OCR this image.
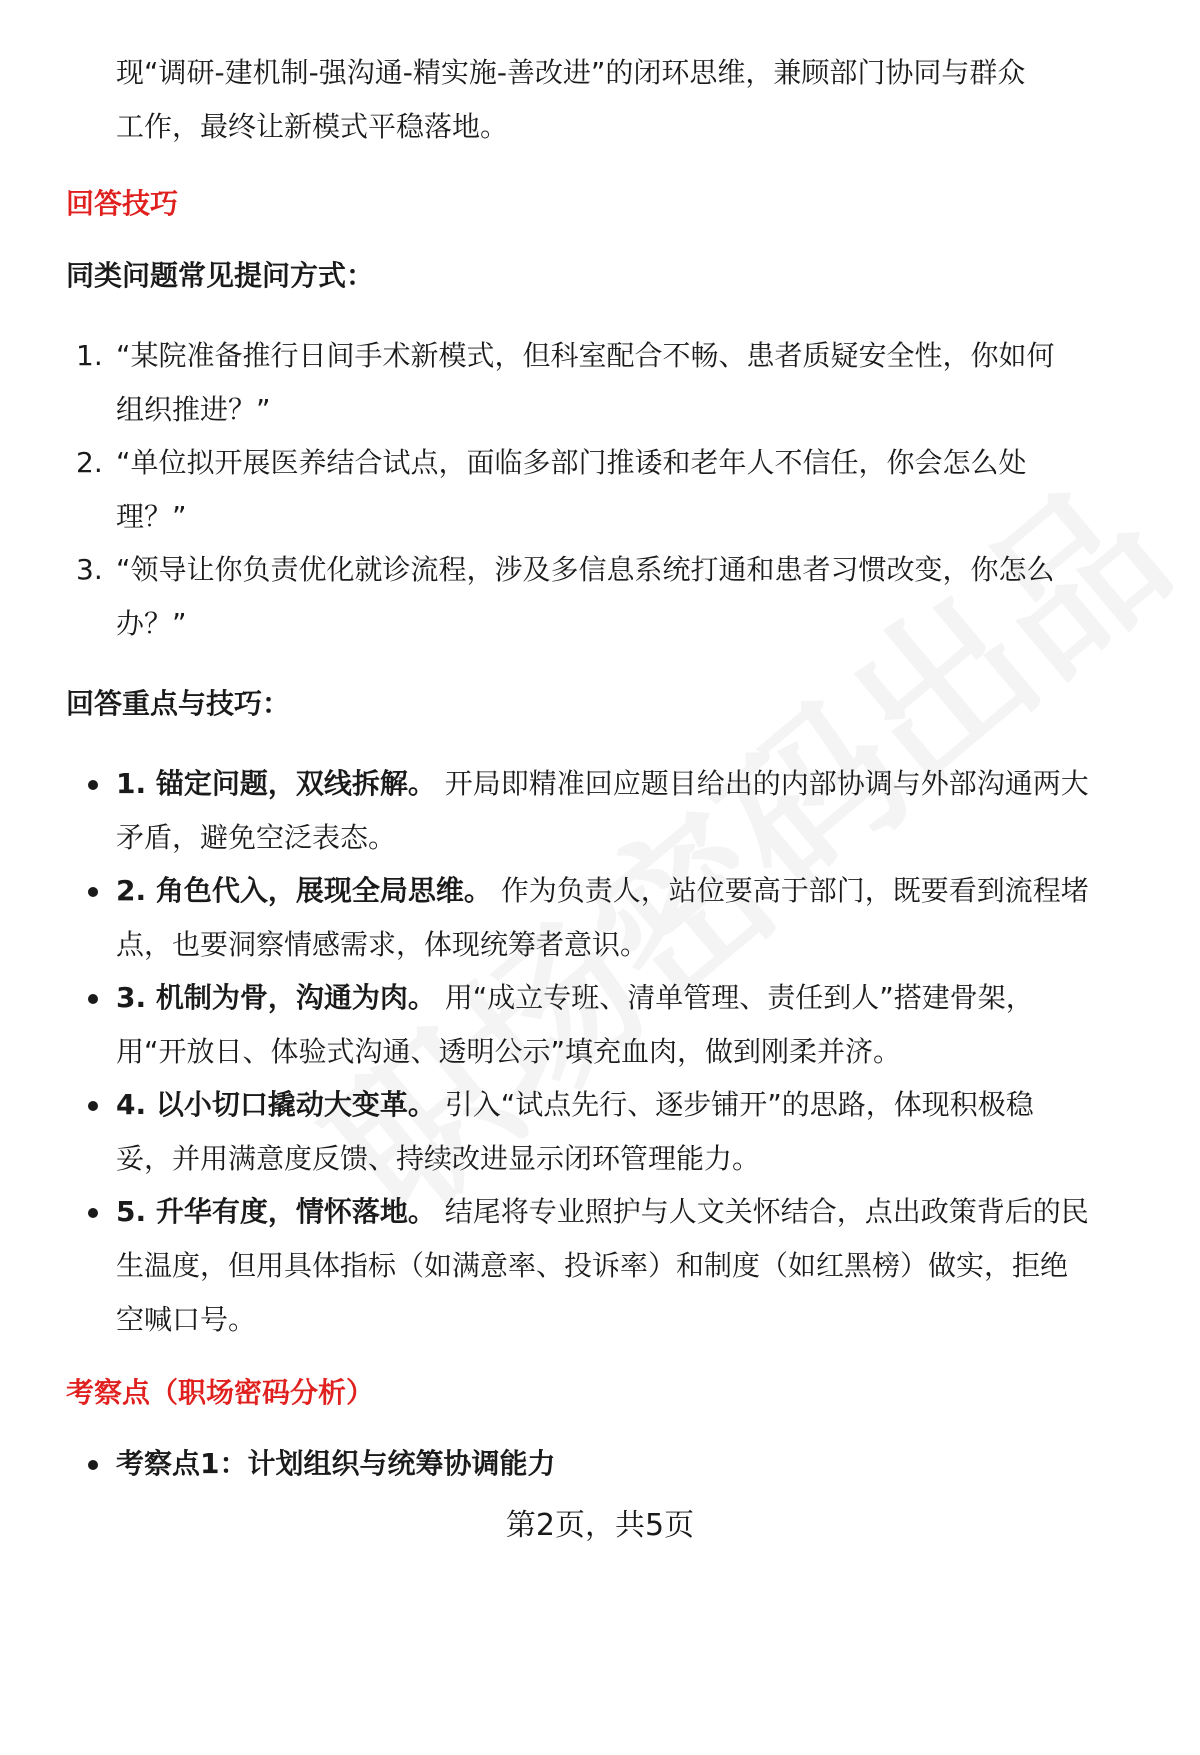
现“调研-建机制-强沟通-精实施-善改进”的闭环思维，兼顾部门协同与群众
工作，最终让新模式平稳落地。
回答技巧
同类问题常见提问方式：
1. “某院准备推行日间手术新模式，但科室配合不畅、患者质疑安全性，你如何
组织推进？”
2. “单位拟开展医养结合试点，面临多部门推诿和老年人不信任，你会怎么处
理？”
3. “领导让你负责优化就诊流程，涉及多信息系统打通和患者习惯改变，你怎么
办？”
回答重点与技巧：
1. 锚定问题，双线拆解。 开局即精准回应题目给出的内部协调与外部沟通两大
矛盾，避免空泛表态。
2. 角色代入，展现全局思维。 作为负责人，站位要高于部门，既要看到流程堵
点，也要洞察情感需求，体现统筹者意识。
3. 机制为骨，沟通为肉。 用“成立专班、清单管理、责任到人”搭建骨架，
用“开放日、体验式沟通、透明公示”填充血肉，做到刚柔并济。
4. 以小切口撬动大变革。 引入“试点先行、逐步铺开”的思路，体现积极稳
妥，并用满意度反馈、持续改进显示闭环管理能力。
5. 升华有度，情怀落地。 结尾将专业照护与人文关怀结合，点出政策背后的民
生温度，但用具体指标（如满意率、投诉率）和制度（如红黑榜）做实，拒绝
空喊口号。
考察点（职场密码分析）
考察点1：计划组织与统筹协调能力
第2页，共5页
